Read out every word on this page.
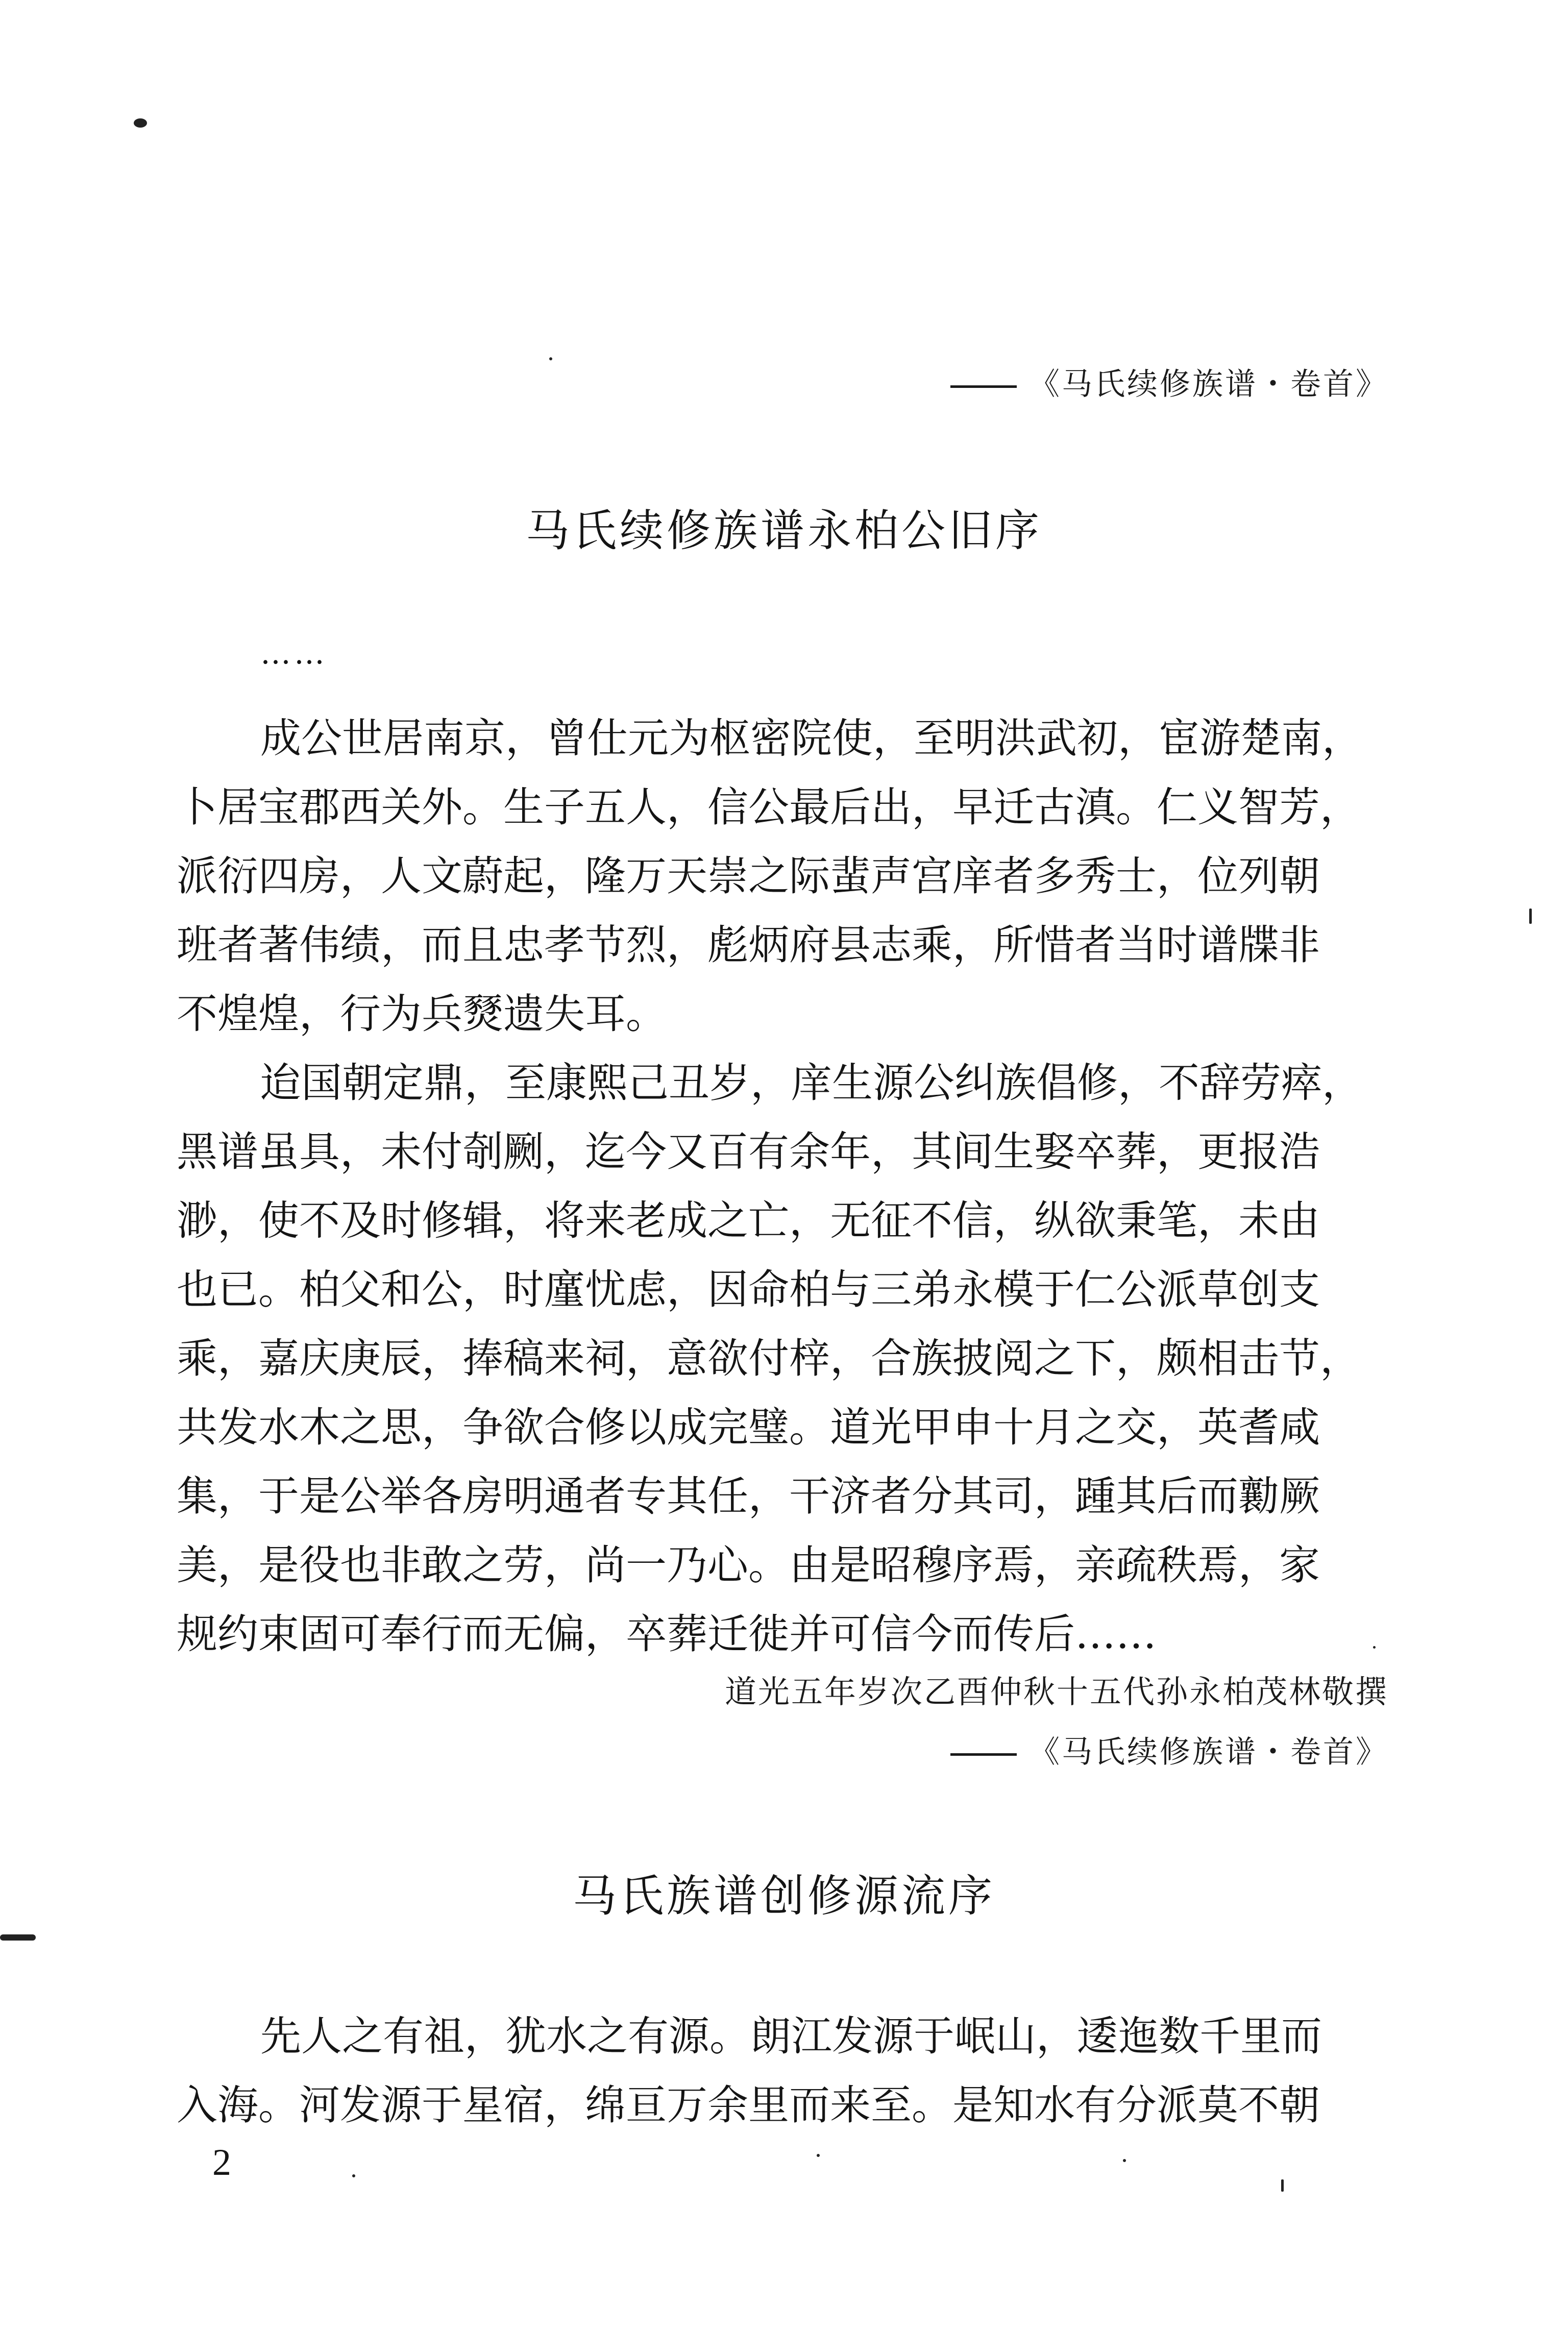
《马氏续修族谱・卷首》
马氏续修族谱永柏公旧序
……
成公世居南京，曾仕元为枢密院使，至明洪武初，宦游楚南，
卜居宝郡西关外。生子五人，信公最后出，早迁古滇。仁义智芳，
派衍四房，人文蔚起，隆万天崇之际蜚声宫庠者多秀士，位列朝
班者著伟绩，而且忠孝节烈，彪炳府县志乘，所惜者当时谱牒非
不煌煌，行为兵燹遗失耳。
迨国朝定鼎，至康熙己丑岁，庠生源公纠族倡修，不辞劳瘁，
黑谱虽具，未付剞劂，迄今又百有余年，其间生娶卒葬，更报浩
渺，使不及时修辑，将来老成之亡，无征不信，纵欲秉笔，未由
也已。柏父和公，时廑忧虑，因命柏与三弟永模于仁公派草创支
乘，嘉庆庚辰，捧稿来祠，意欲付梓，合族披阅之下，颇相击节，
共发水木之思，争欲合修以成完璧。道光甲申十月之交，英耆咸
集，于是公举各房明通者专其任，干济者分其司，踵其后而勷厥
美，是役也非敢之劳，尚一乃心。由是昭穆序焉，亲疏秩焉，家
规约束固可奉行而无偏，卒葬迁徙并可信今而传后……
道光五年岁次乙酉仲秋十五代孙永柏茂林敬撰
《马氏续修族谱・卷首》
马氏族谱创修源流序
先人之有祖，犹水之有源。朗江发源于岷山，逶迤数千里而
入海。河发源于星宿，绵亘万余里而来至。是知水有分派莫不朝
2
